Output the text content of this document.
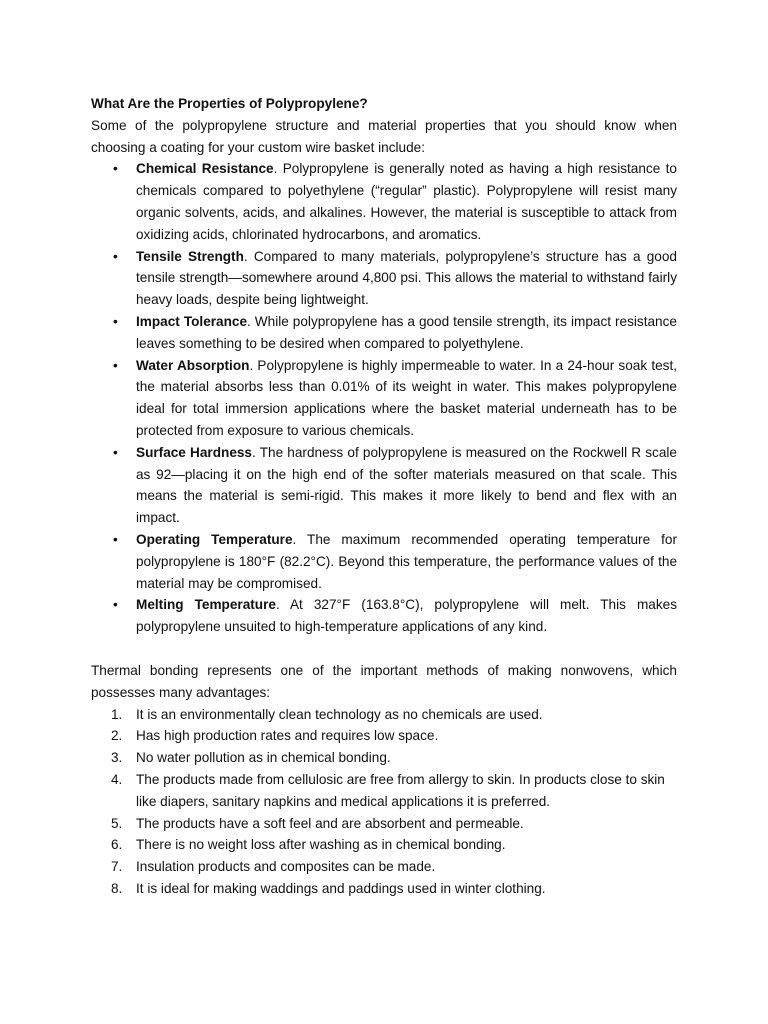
What Are the Properties of Polypropylene?

Some of the polypropylene structure and material properties that you should know when choosing a coating for your custom wire basket include:

• Chemical Resistance. Polypropylene is generally noted as having a high resistance to chemicals compared to polyethylene (“regular” plastic). Polypropylene will resist many organic solvents, acids, and alkalines. However, the material is susceptible to attack from oxidizing acids, chlorinated hydrocarbons, and aromatics.
• Tensile Strength. Compared to many materials, polypropylene’s structure has a good tensile strength—somewhere around 4,800 psi. This allows the material to withstand fairly heavy loads, despite being lightweight.
• Impact Tolerance. While polypropylene has a good tensile strength, its impact resistance leaves something to be desired when compared to polyethylene.
• Water Absorption. Polypropylene is highly impermeable to water. In a 24-hour soak test, the material absorbs less than 0.01% of its weight in water. This makes polypropylene ideal for total immersion applications where the basket material underneath has to be protected from exposure to various chemicals.
• Surface Hardness. The hardness of polypropylene is measured on the Rockwell R scale as 92—placing it on the high end of the softer materials measured on that scale. This means the material is semi-rigid. This makes it more likely to bend and flex with an impact.
• Operating Temperature. The maximum recommended operating temperature for polypropylene is 180°F (82.2°C). Beyond this temperature, the performance values of the material may be compromised.
• Melting Temperature. At 327°F (163.8°C), polypropylene will melt. This makes polypropylene unsuited to high-temperature applications of any kind.

Thermal bonding represents one of the important methods of making nonwovens, which possesses many advantages:

1. It is an environmentally clean technology as no chemicals are used.
2. Has high production rates and requires low space.
3. No water pollution as in chemical bonding.
4. The products made from cellulosic are free from allergy to skin. In products close to skin like diapers, sanitary napkins and medical applications it is preferred.
5. The products have a soft feel and are absorbent and permeable.
6. There is no weight loss after washing as in chemical bonding.
7. Insulation products and composites can be made.
8. It is ideal for making waddings and paddings used in winter clothing.
